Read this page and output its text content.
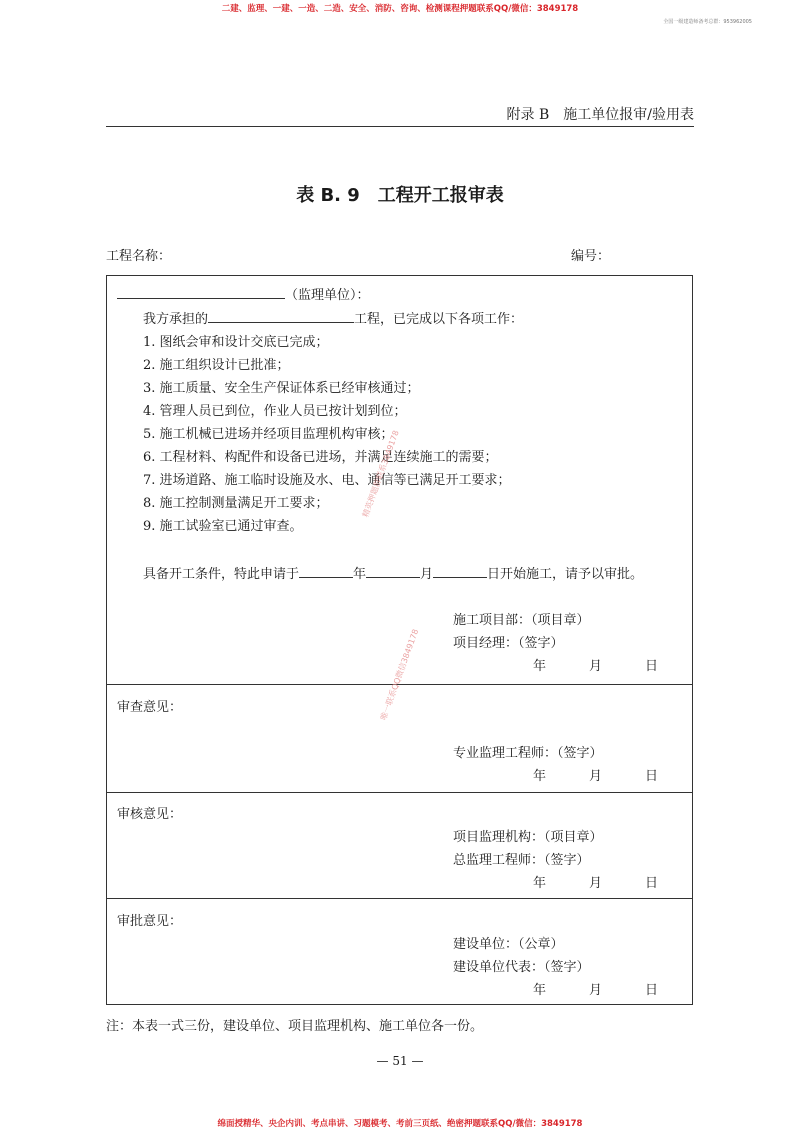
二建、监理、一建、一造、二造、安全、消防、咨询、检测课程押题联系QQ/微信：3849178
全国一级建造师备考总群：953962005
附录 B　施工单位报审/验用表
表 B. 9　工程开工报审表
工程名称：	编号：
（监理单位）：
我方承担的	工程，已完成以下各项工作：
1. 图纸会审和设计交底已完成；
2. 施工组织设计已批准；
3. 施工质量、安全生产保证体系已经审核通过；
4. 管理人员已到位，作业人员已按计划到位；
5. 施工机械已进场并经项目监理机构审核；
6. 工程材料、构配件和设备已进场，并满足连续施工的需要；
7. 进场道路、施工临时设施及水、电、通信等已满足开工要求；
8. 施工控制测量满足开工要求；
9. 施工试验室已通过审查。
具备开工条件，特此申请于	年	月	日开始施工，请予以审批。
施工项目部：（项目章）
项目经理：（签字）
年	月	日
审查意见：
专业监理工程师：（签字）
年	月	日
审核意见：
项目监理机构：（项目章）
总监理工程师：（签字）
年	月	日
审批意见：
建设单位：（公章）
建设单位代表：（签字）
年	月	日
精英押题群联系3849178
唯一联系QQ微信3849178
注：本表一式三份，建设单位、项目监理机构、施工单位各一份。
— 51 —
绵面授精华、央企内训、考点串讲、习题模考、考前三页纸、绝密押题联系QQ/微信：3849178
